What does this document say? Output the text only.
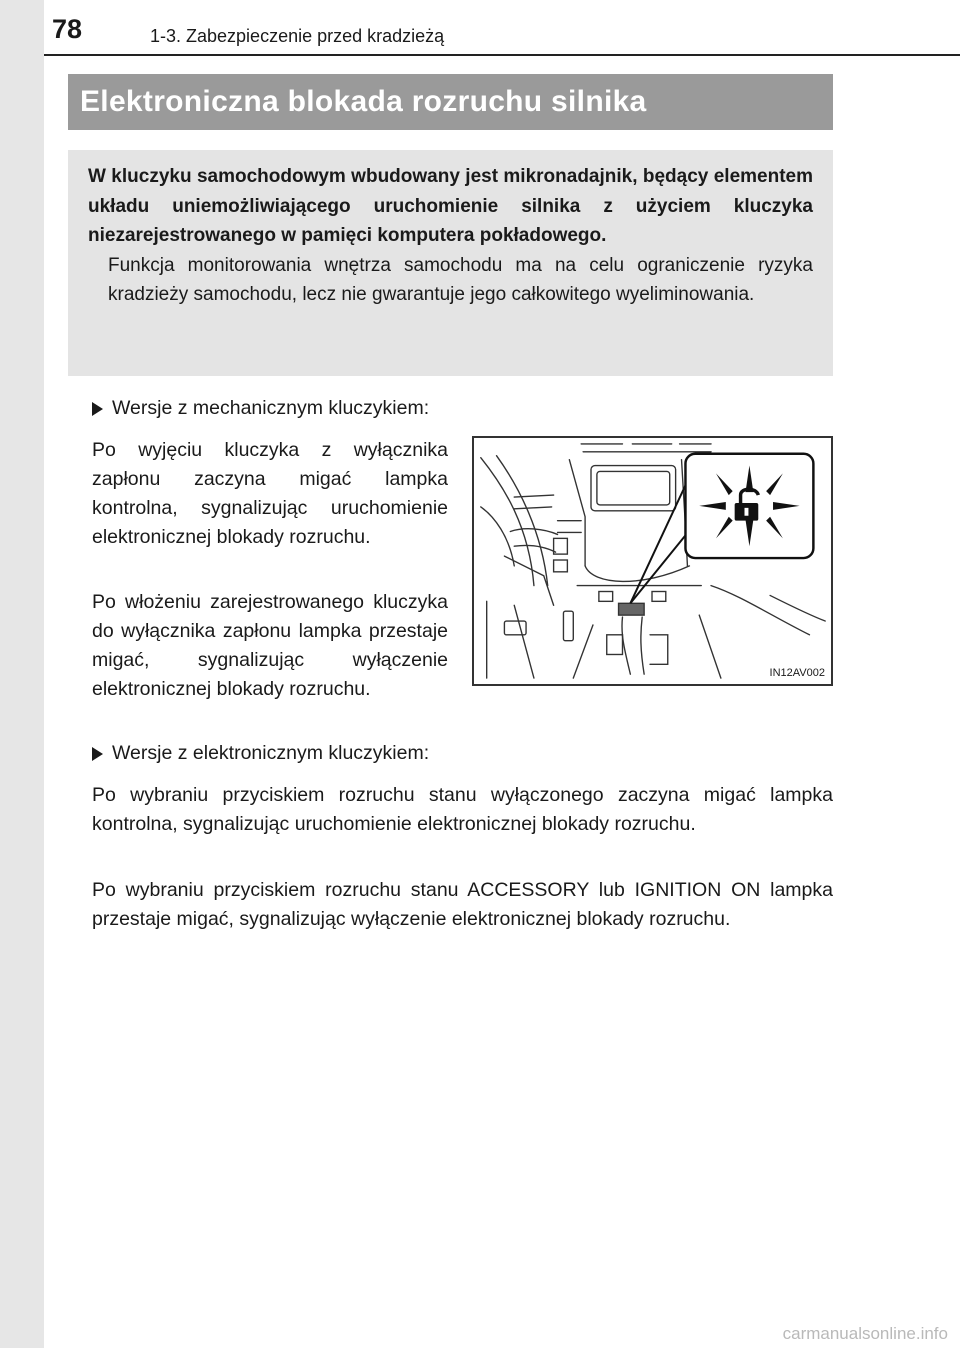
78	1-3. Zabezpieczenie przed kradzieżą
Elektroniczna blokada rozruchu silnika

W kluczyku samochodowym wbudowany jest mikronadajnik, będący elementem układu uniemożliwiającego uruchomienie silnika z użyciem kluczyka niezarejestrowanego w pamięci komputera pokładowego.

Funkcja monitorowania wnętrza samochodu ma na celu ograniczenie ryzyka kradzieży samochodu, lecz nie gwarantuje jego całkowitego wyeliminowania.

Wersje z mechanicznym kluczykiem:

Po wyjęciu kluczyka z wyłącznika zapłonu zaczyna migać lampka kontrolna, sygnalizując uruchomienie elektronicznej blokady rozruchu.

Po włożeniu zarejestrowanego kluczyka do wyłącznika zapłonu lampka przestaje migać, sygnalizując wyłączenie elektronicznej blokady rozruchu.

IN12AV002
Wersje z elektronicznym kluczykiem:

Po wybraniu przyciskiem rozruchu stanu wyłączonego zaczyna migać lampka kontrolna, sygnalizując uruchomienie elektronicznej blokady rozruchu.

Po wybraniu przyciskiem rozruchu stanu ACCESSORY lub IGNITION ON lampka przestaje migać, sygnalizując wyłączenie elektronicznej blokady rozruchu.

carmanualsonline.info
